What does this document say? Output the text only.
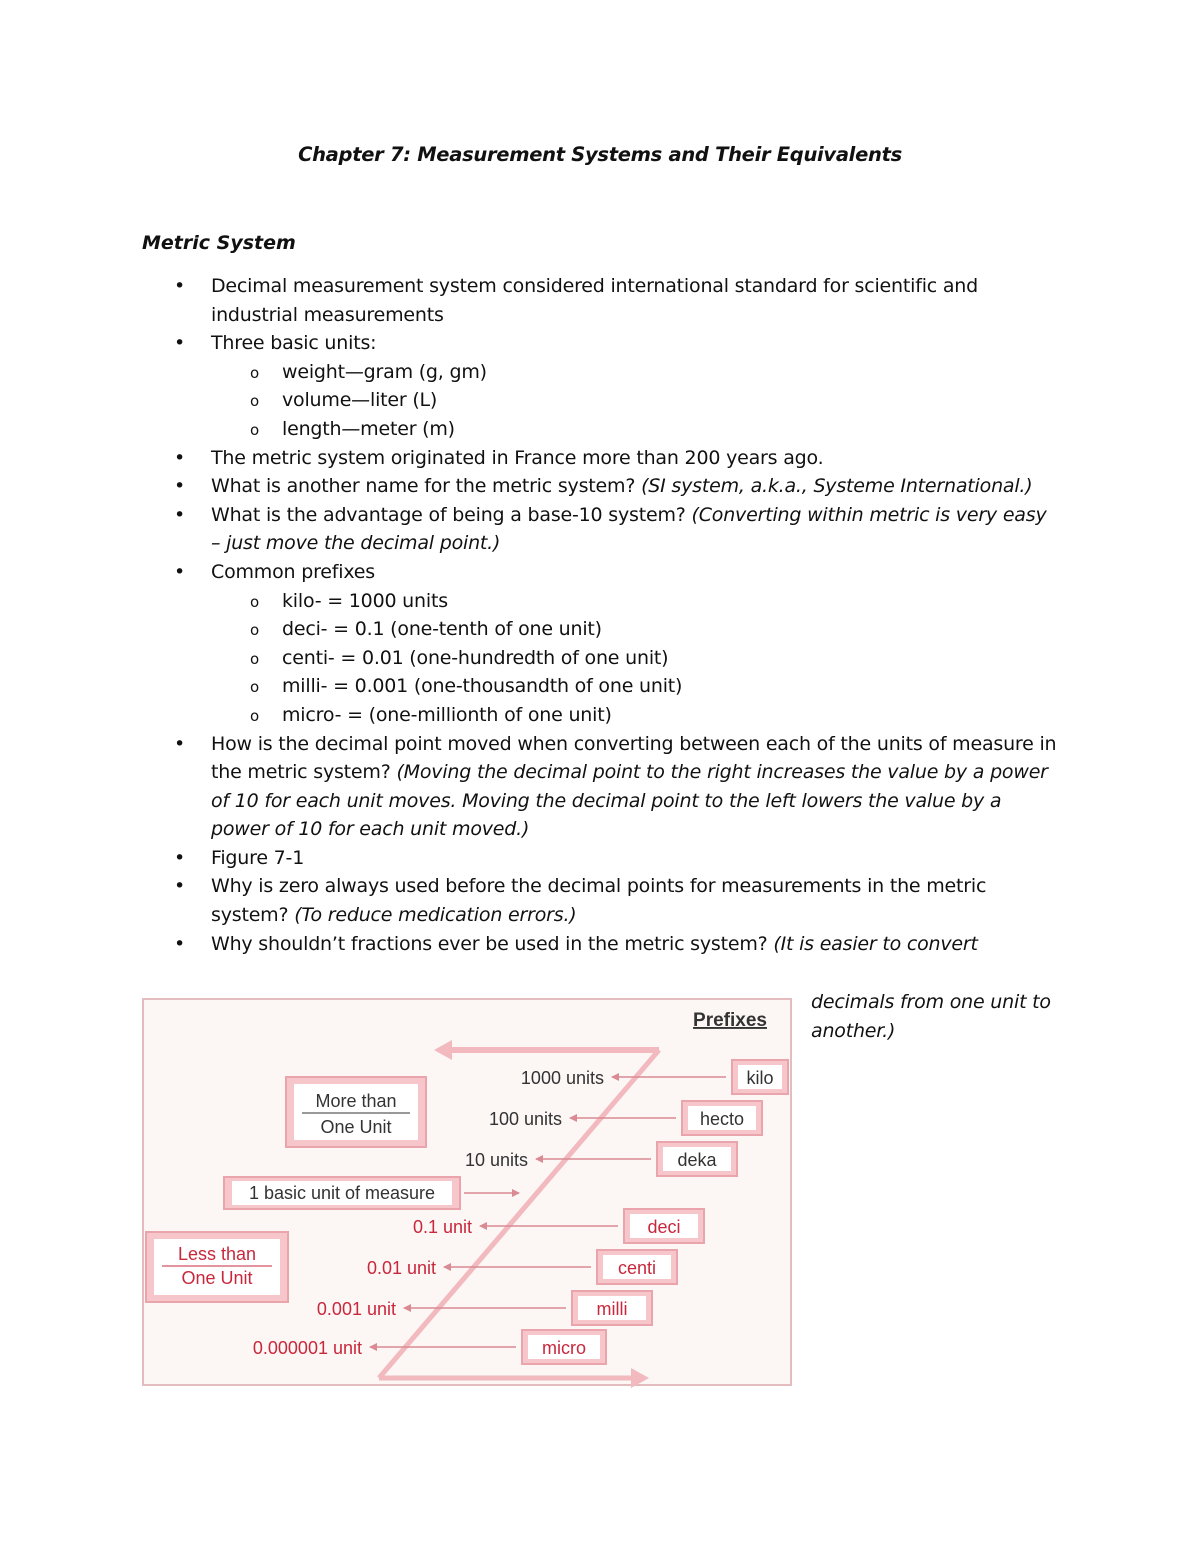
Chapter 7: Measurement Systems and Their Equivalents
Metric System
• Decimal measurement system considered international standard for scientific and industrial measurements
• Three basic units:
o weight—gram (g, gm)
o volume—liter (L)
o length—meter (m)
• The metric system originated in France more than 200 years ago.
• What is another name for the metric system? (SI system, a.k.a., Systeme International.)
• What is the advantage of being a base-10 system? (Converting within metric is very easy – just move the decimal point.)
• Common prefixes
o kilo- = 1000 units
o deci- = 0.1 (one-tenth of one unit)
o centi- = 0.01 (one-hundredth of one unit)
o milli- = 0.001 (one-thousandth of one unit)
o micro- = (one-millionth of one unit)
• How is the decimal point moved when converting between each of the units of measure in the metric system? (Moving the decimal point to the right increases the value by a power of 10 for each unit moves. Moving the decimal point to the left lowers the value by a power of 10 for each unit moved.)
• Figure 7-1
• Why is zero always used before the decimal points for measurements in the metric system? (To reduce medication errors.)
• Why shouldn’t fractions ever be used in the metric system? (It is easier to convert
decimals from one unit to another.)
Prefixes
More than
One Unit
Less than
One Unit
1 basic unit of measure
1000 units	kilo
100 units	hecto
10 units	deka
0.1 unit	deci
0.01 unit	centi
0.001 unit	milli
0.000001 unit	micro
